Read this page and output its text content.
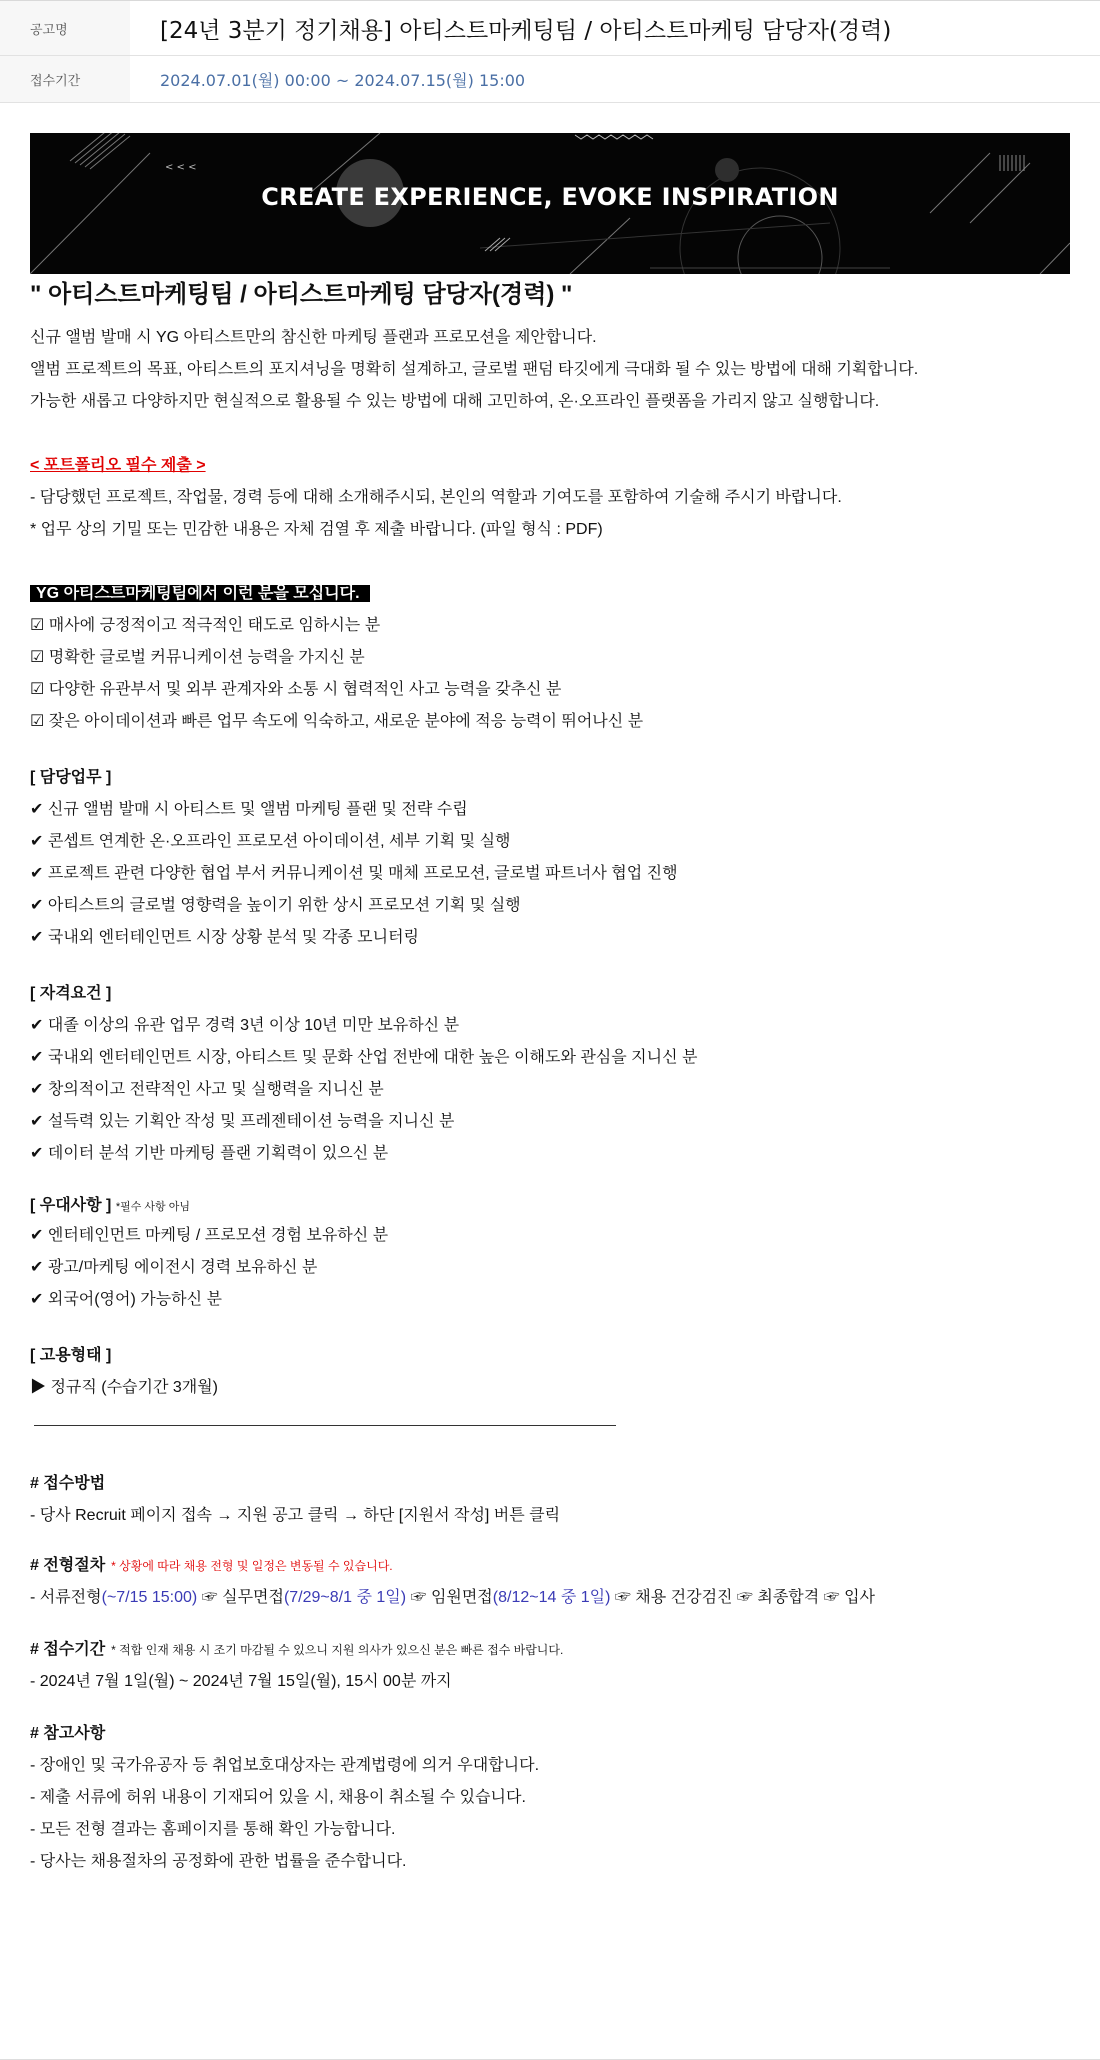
공고명	[24년 3분기 정기채용] 아티스트마케팅팀 / 아티스트마케팅 담당자(경력)
접수기간	2024.07.01(월) 00:00 ~ 2024.07.15(월) 15:00
< < <
CREATE EXPERIENCE, EVOKE INSPIRATION
" 아티스트마케팅팀 / 아티스트마케팅 담당자(경력) "
신규 앨범 발매 시 YG 아티스트만의 참신한 마케팅 플랜과 프로모션을 제안합니다.
앨범 프로젝트의 목표, 아티스트의 포지셔닝을 명확히 설계하고, 글로벌 팬덤 타깃에게 극대화 될 수 있는 방법에 대해 기획합니다.
가능한 새롭고 다양하지만 현실적으로 활용될 수 있는 방법에 대해 고민하여, 온·오프라인 플랫폼을 가리지 않고 실행합니다.
< 포트폴리오 필수 제출 >
- 담당했던 프로젝트, 작업물, 경력 등에 대해 소개해주시되, 본인의 역할과 기여도를 포함하여 기술해 주시기 바랍니다.
* 업무 상의 기밀 또는 민감한 내용은 자체 검열 후 제출 바랍니다. (파일 형식 : PDF)
YG 아티스트마케팅팀에서 이런 분을 모십니다.
☑ 매사에 긍정적이고 적극적인 태도로 임하시는 분
☑ 명확한 글로벌 커뮤니케이션 능력을 가지신 분
☑ 다양한 유관부서 및 외부 관계자와 소통 시 협력적인 사고 능력을 갖추신 분
☑ 잦은 아이데이션과 빠른 업무 속도에 익숙하고, 새로운 분야에 적응 능력이 뛰어나신 분
[ 담당업무 ]
✔ 신규 앨범 발매 시 아티스트 및 앨범 마케팅 플랜 및 전략 수립
✔ 콘셉트 연계한 온·오프라인 프로모션 아이데이션, 세부 기획 및 실행
✔ 프로젝트 관련 다양한 협업 부서 커뮤니케이션 및 매체 프로모션, 글로벌 파트너사 협업 진행
✔ 아티스트의 글로벌 영향력을 높이기 위한 상시 프로모션 기획 및 실행
✔ 국내외 엔터테인먼트 시장 상황 분석 및 각종 모니터링
[ 자격요건 ]
✔ 대졸 이상의 유관 업무 경력 3년 이상 10년 미만 보유하신 분
✔ 국내외 엔터테인먼트 시장, 아티스트 및 문화 산업 전반에 대한 높은 이해도와 관심을 지니신 분
✔ 창의적이고 전략적인 사고 및 실행력을 지니신 분
✔ 설득력 있는 기획안 작성 및 프레젠테이션 능력을 지니신 분
✔ 데이터 분석 기반 마케팅 플랜 기획력이 있으신 분
[ 우대사항 ] *필수 사항 아님
✔ 엔터테인먼트 마케팅 / 프로모션 경험 보유하신 분
✔ 광고/마케팅 에이전시 경력 보유하신 분
✔ 외국어(영어) 가능하신 분
[ 고용형태 ]
▶ 정규직 (수습기간 3개월)
# 접수방법
- 당사 Recruit 페이지 접속 → 지원 공고 클릭 → 하단 [지원서 작성] 버튼 클릭
# 전형절차 * 상황에 따라 채용 전형 및 일정은 변동될 수 있습니다.
- 서류전형(~7/15 15:00) ☞ 실무면접(7/29~8/1 중 1일) ☞ 임원면접(8/12~14 중 1일) ☞ 채용 건강검진 ☞ 최종합격 ☞ 입사
# 접수기간 * 적합 인재 채용 시 조기 마감될 수 있으니 지원 의사가 있으신 분은 빠른 접수 바랍니다.
- 2024년 7월 1일(월) ~ 2024년 7월 15일(월), 15시 00분 까지
# 참고사항
- 장애인 및 국가유공자 등 취업보호대상자는 관계법령에 의거 우대합니다.
- 제출 서류에 허위 내용이 기재되어 있을 시, 채용이 취소될 수 있습니다.
- 모든 전형 결과는 홈페이지를 통해 확인 가능합니다.
- 당사는 채용절차의 공정화에 관한 법률을 준수합니다.
